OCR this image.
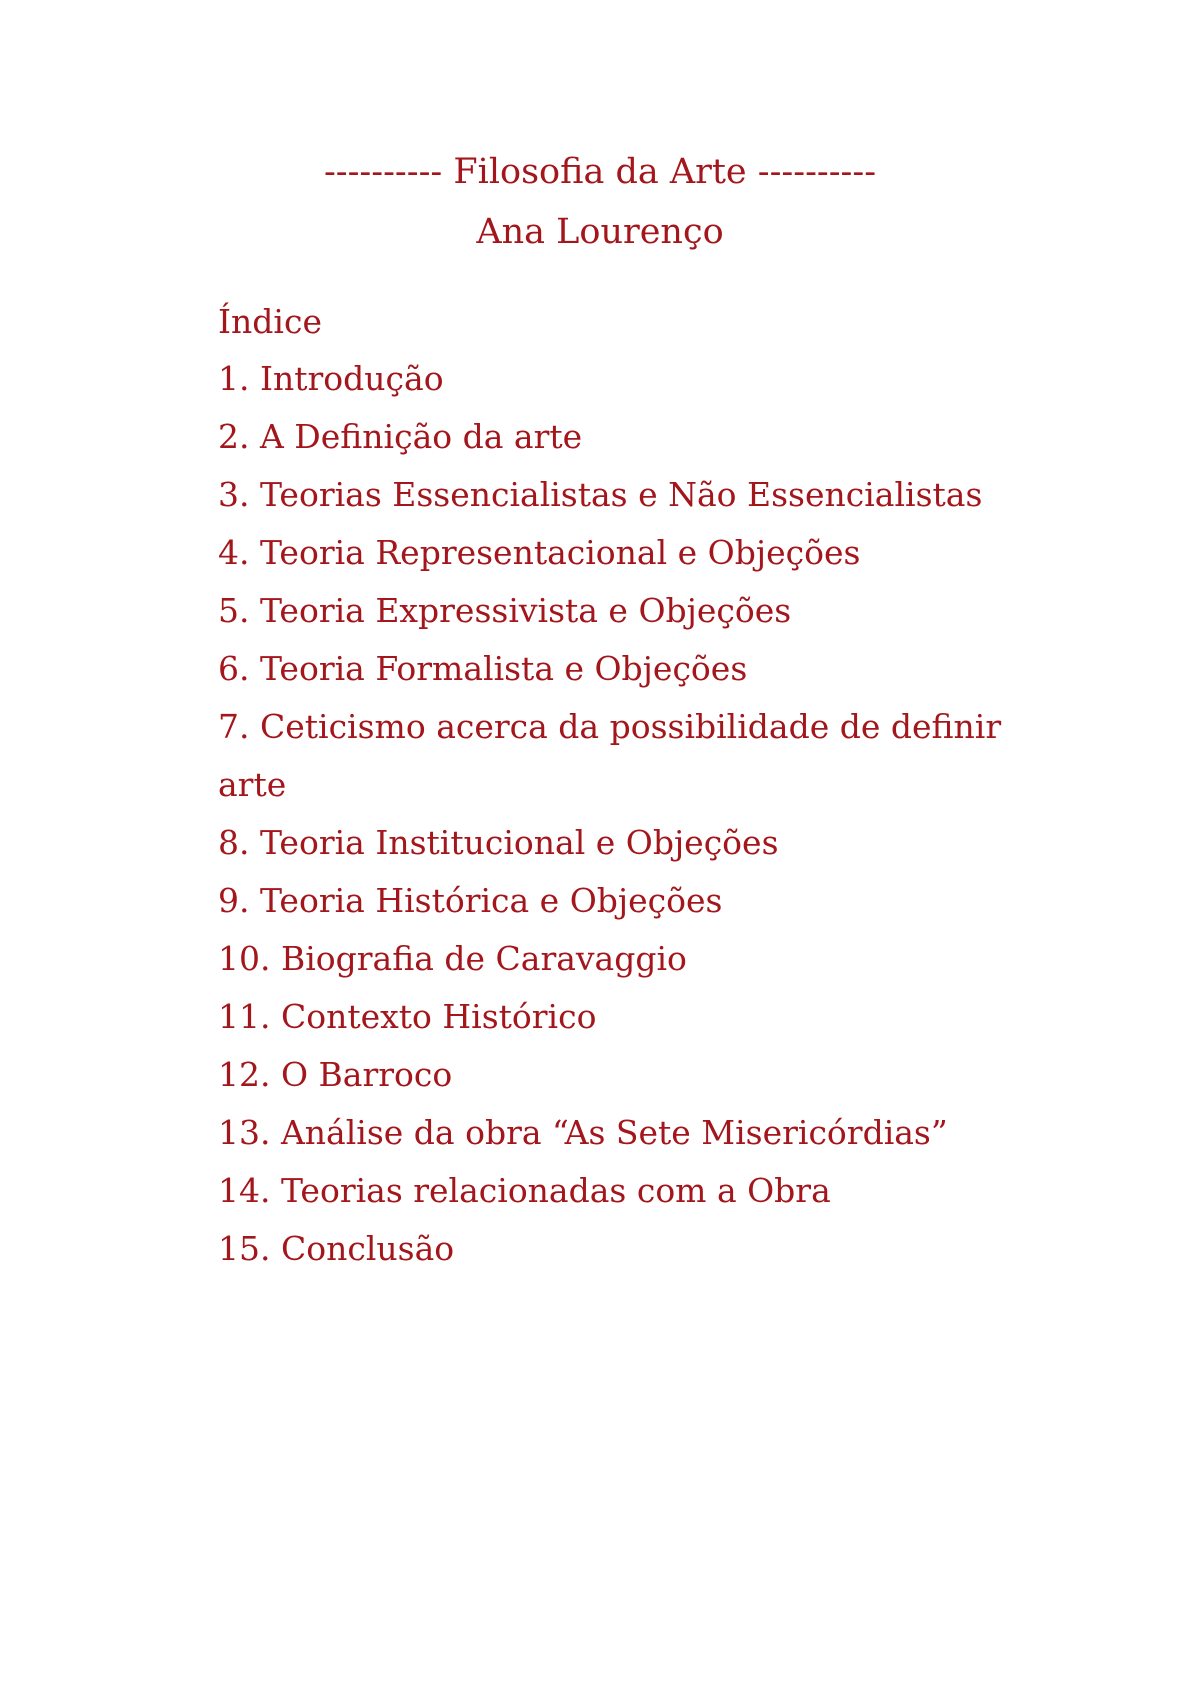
---------- Filosofia da Arte ----------
Ana Lourenço
Índice
1. Introdução
2. A Definição da arte
3. Teorias Essencialistas e Não Essencialistas
4. Teoria Representacional e Objeções
5. Teoria Expressivista e Objeções
6. Teoria Formalista e Objeções
7. Ceticismo acerca da possibilidade de definir arte
8. Teoria Institucional e Objeções
9. Teoria Histórica e Objeções
10. Biografia de Caravaggio
11. Contexto Histórico
12. O Barroco
13. Análise da obra “As Sete Misericórdias”
14. Teorias relacionadas com a Obra
15. Conclusão
